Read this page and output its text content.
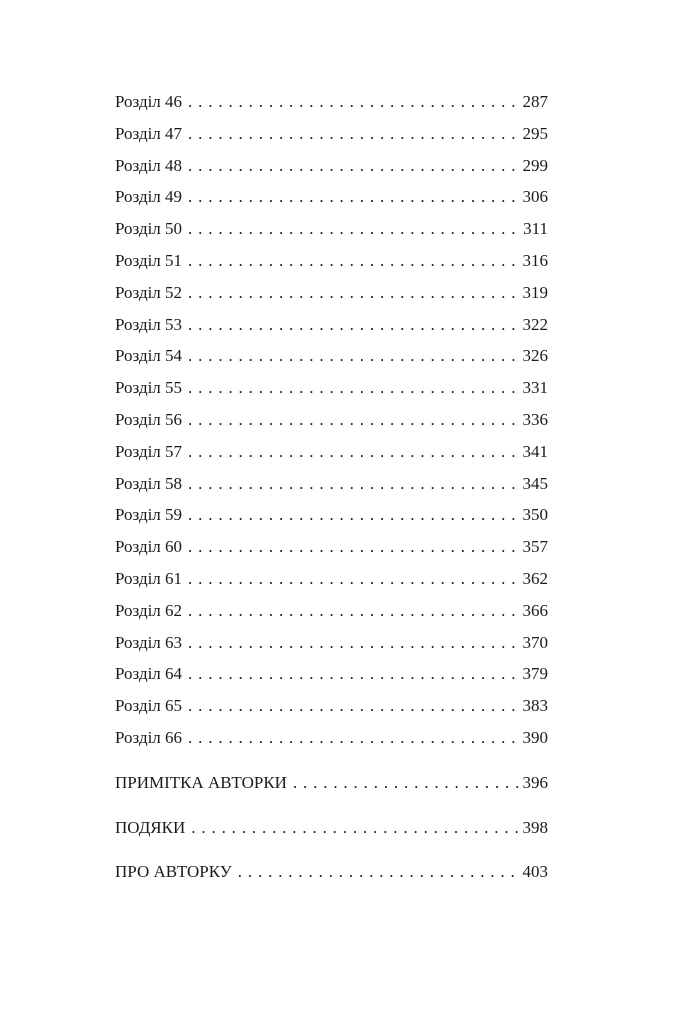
Розділ 46 . . .	287
Розділ 47 . . .	295
Розділ 48 . . .	299
Розділ 49 . . .	306
Розділ 50 . . .	311
Розділ 51 . . .	316
Розділ 52 . . .	319
Розділ 53 . . .	322
Розділ 54 . . .	326
Розділ 55 . . .	331
Розділ 56 . . .	336
Розділ 57 . . .	341
Розділ 58 . . .	345
Розділ 59 . . .	350
Розділ 60 . . .	357
Розділ 61 . . .	362
Розділ 62 . . .	366
Розділ 63 . . .	370
Розділ 64 . . .	379
Розділ 65 . . .	383
Розділ 66 . . .	390
ПРИМІТКА АВТОРКИ . . .	396
ПОДЯКИ . . .	398
ПРО АВТОРКУ . . .	403
